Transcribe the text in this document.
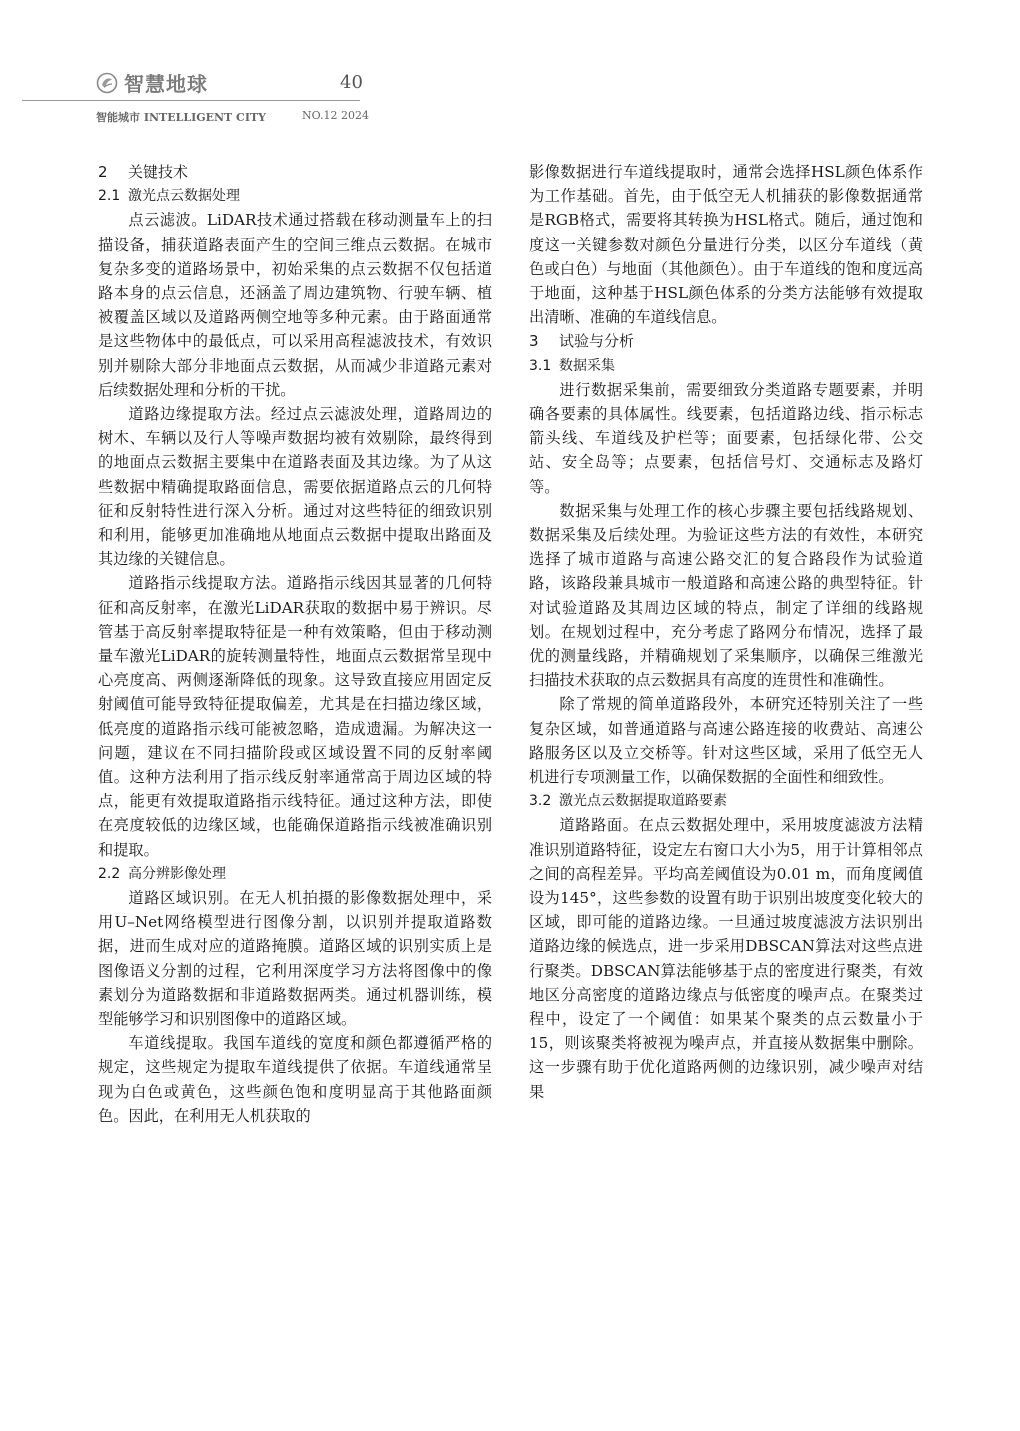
智慧地球	40
智能城市 INTELLIGENT CITY	NO.12 2024
2 关键技术
2.1 激光点云数据处理

点云滤波。LiDAR技术通过搭载在移动测量车上的扫描设备，捕获道路表面产生的空间三维点云数据。在城市复杂多变的道路场景中，初始采集的点云数据不仅包括道路本身的点云信息，还涵盖了周边建筑物、行驶车辆、植被覆盖区域以及道路两侧空地等多种元素。由于路面通常是这些物体中的最低点，可以采用高程滤波技术，有效识别并剔除大部分非地面点云数据，从而减少非道路元素对后续数据处理和分析的干扰。

道路边缘提取方法。经过点云滤波处理，道路周边的树木、车辆以及行人等噪声数据均被有效剔除，最终得到的地面点云数据主要集中在道路表面及其边缘。为了从这些数据中精确提取路面信息，需要依据道路点云的几何特征和反射特性进行深入分析。通过对这些特征的细致识别和利用，能够更加准确地从地面点云数据中提取出路面及其边缘的关键信息。

道路指示线提取方法。道路指示线因其显著的几何特征和高反射率，在激光LiDAR获取的数据中易于辨识。尽管基于高反射率提取特征是一种有效策略，但由于移动测量车激光LiDAR的旋转测量特性，地面点云数据常呈现中心亮度高、两侧逐渐降低的现象。这导致直接应用固定反射阈值可能导致特征提取偏差，尤其是在扫描边缘区域，低亮度的道路指示线可能被忽略，造成遗漏。为解决这一问题，建议在不同扫描阶段或区域设置不同的反射率阈值。这种方法利用了指示线反射率通常高于周边区域的特点，能更有效提取道路指示线特征。通过这种方法，即使在亮度较低的边缘区域，也能确保道路指示线被准确识别和提取。

2.2 高分辨影像处理

道路区域识别。在无人机拍摄的影像数据处理中，采用U–Net网络模型进行图像分割，以识别并提取道路数据，进而生成对应的道路掩膜。道路区域的识别实质上是图像语义分割的过程，它利用深度学习方法将图像中的像素划分为道路数据和非道路数据两类。通过机器训练，模型能够学习和识别图像中的道路区域。

车道线提取。我国车道线的宽度和颜色都遵循严格的规定，这些规定为提取车道线提供了依据。车道线通常呈现为白色或黄色，这些颜色饱和度明显高于其他路面颜色。因此，在利用无人机获取的

影像数据进行车道线提取时，通常会选择HSL颜色体系作为工作基础。首先，由于低空无人机捕获的影像数据通常是RGB格式，需要将其转换为HSL格式。随后，通过饱和度这一关键参数对颜色分量进行分类，以区分车道线（黄色或白色）与地面（其他颜色）。由于车道线的饱和度远高于地面，这种基于HSL颜色体系的分类方法能够有效提取出清晰、准确的车道线信息。

3 试验与分析
3.1 数据采集

进行数据采集前，需要细致分类道路专题要素，并明确各要素的具体属性。线要素，包括道路边线、指示标志箭头线、车道线及护栏等；面要素，包括绿化带、公交站、安全岛等；点要素，包括信号灯、交通标志及路灯等。

数据采集与处理工作的核心步骤主要包括线路规划、数据采集及后续处理。为验证这些方法的有效性，本研究选择了城市道路与高速公路交汇的复合路段作为试验道路，该路段兼具城市一般道路和高速公路的典型特征。针对试验道路及其周边区域的特点，制定了详细的线路规划。在规划过程中，充分考虑了路网分布情况，选择了最优的测量线路，并精确规划了采集顺序，以确保三维激光扫描技术获取的点云数据具有高度的连贯性和准确性。

除了常规的简单道路段外，本研究还特别关注了一些复杂区域，如普通道路与高速公路连接的收费站、高速公路服务区以及立交桥等。针对这些区域，采用了低空无人机进行专项测量工作，以确保数据的全面性和细致性。

3.2 激光点云数据提取道路要素

道路路面。在点云数据处理中，采用坡度滤波方法精准识别道路特征，设定左右窗口大小为5，用于计算相邻点之间的高程差异。平均高差阈值设为0.01 m，而角度阈值设为145°，这些参数的设置有助于识别出坡度变化较大的区域，即可能的道路边缘。一旦通过坡度滤波方法识别出道路边缘的候选点，进一步采用DBSCAN算法对这些点进行聚类。DBSCAN算法能够基于点的密度进行聚类，有效地区分高密度的道路边缘点与低密度的噪声点。在聚类过程中，设定了一个阈值：如果某个聚类的点云数量小于15，则该聚类将被视为噪声点，并直接从数据集中删除。这一步骤有助于优化道路两侧的边缘识别，减少噪声对结果
